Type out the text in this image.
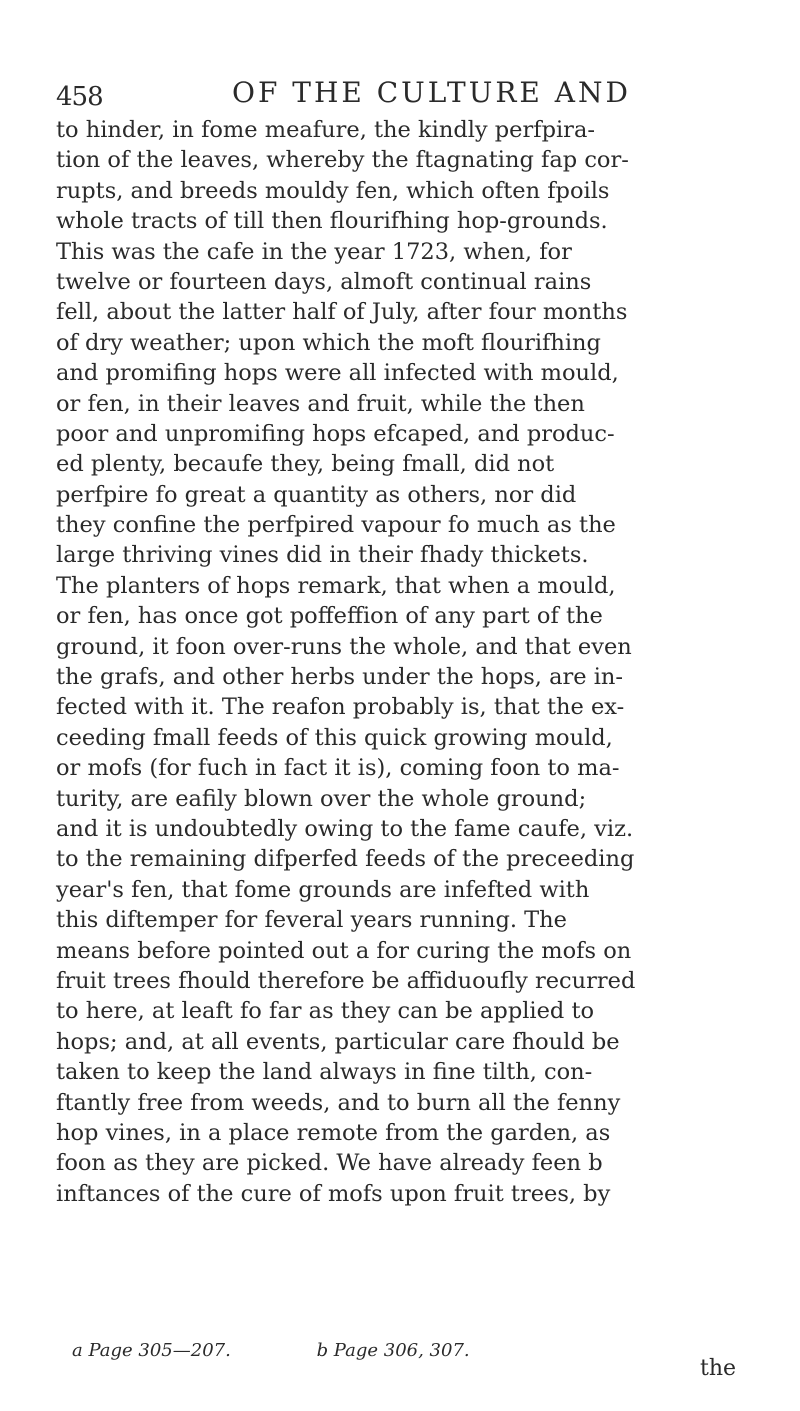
458	OF THE CULTURE AND
to hinder, in fome meafure, the kindly perfpira-
tion of the leaves, whereby the ftagnating fap cor-
rupts, and breeds mouldy fen, which often fpoils
whole tracts of till then flourifhing hop-grounds.
This was the cafe in the year 1723, when, for
twelve or fourteen days, almoft continual rains
fell, about the latter half of July, after four months
of dry weather; upon which the moft flourifhing
and promifing hops were all infected with mould,
or fen, in their leaves and fruit, while the then
poor and unpromifing hops efcaped, and produc-
ed plenty, becaufe they, being fmall, did not
perfpire fo great a quantity as others, nor did
they confine the perfpired vapour fo much as the
large thriving vines did in their fhady thickets.
The planters of hops remark, that when a mould,
or fen, has once got poffeffion of any part of the
ground, it foon over-runs the whole, and that even
the grafs, and other herbs under the hops, are in-
fected with it. The reafon probably is, that the ex-
ceeding fmall feeds of this quick growing mould,
or mofs (for fuch in fact it is), coming foon to ma-
turity, are eafily blown over the whole ground;
and it is undoubtedly owing to the fame caufe, viz.
to the remaining difperfed feeds of the preceeding
year's fen, that fome grounds are infefted with
this diftemper for feveral years running. The
means before pointed out a for curing the mofs on
fruit trees fhould therefore be affiduoufly recurred
to here, at leaft fo far as they can be applied to
hops; and, at all events, particular care fhould be
taken to keep the land always in fine tilth, con-
ftantly free from weeds, and to burn all the fenny
hop vines, in a place remote from the garden, as
foon as they are picked. We have already feen b
inftances of the cure of mofs upon fruit trees, by
a Page 305—207.	b Page 306, 307.
the
